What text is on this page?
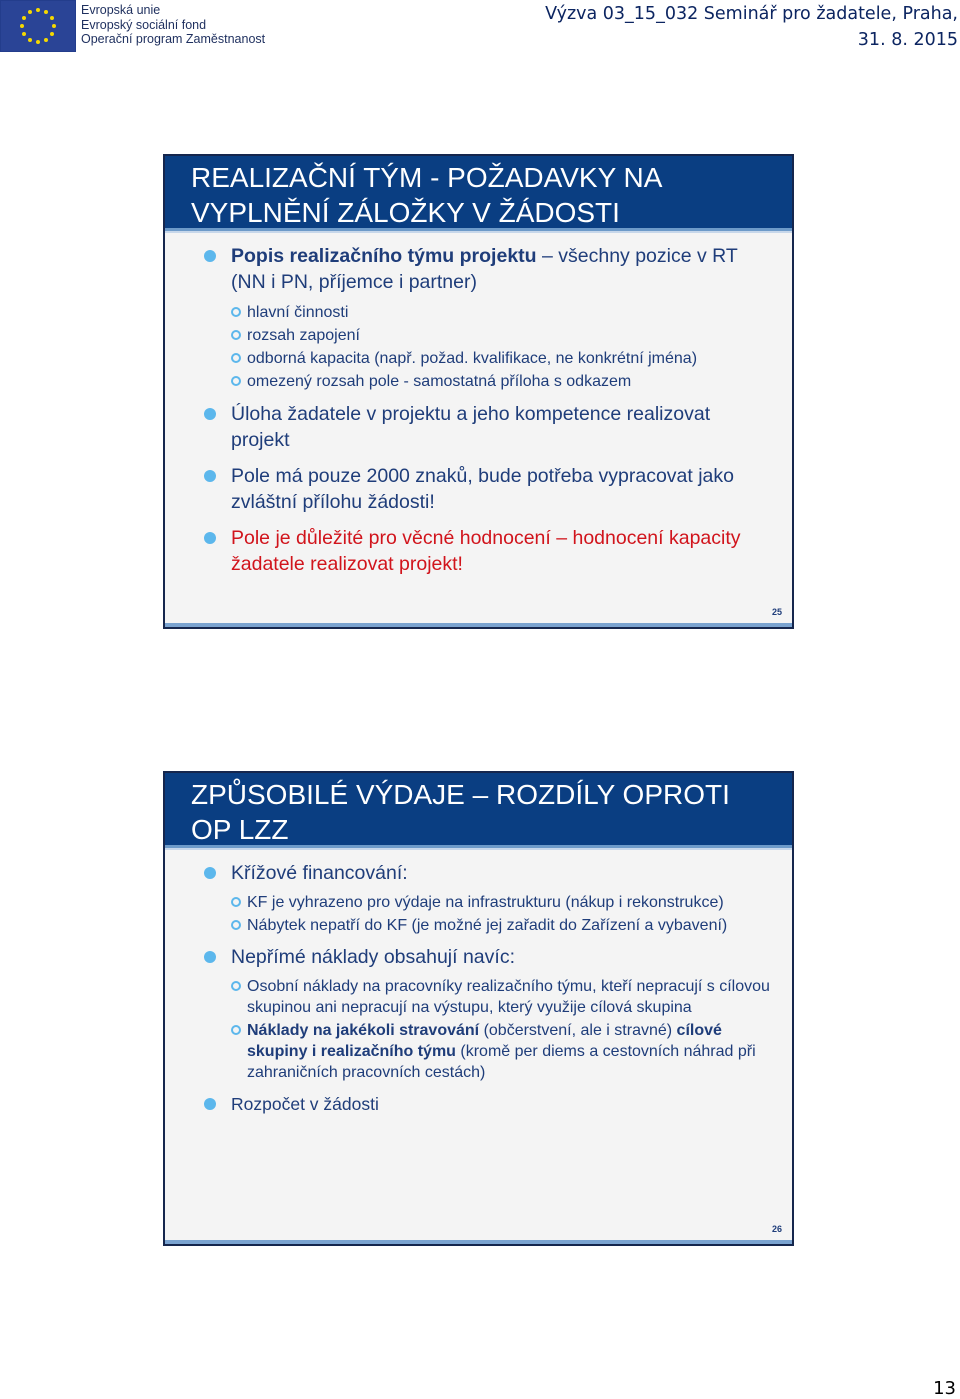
Evropská unie
Evropský sociální fond
Operační program Zaměstnanost
Výzva 03_15_032 Seminář pro žadatele, Praha,
31. 8. 2015
REALIZAČNÍ TÝM - POŽADAVKY NA
VYPLNĚNÍ ZÁLOŽKY V ŽÁDOSTI
Popis realizačního týmu projektu – všechny pozice v RT (NN i PN, příjemce i partner)
hlavní činnosti
rozsah zapojení
odborná kapacita (např. požad. kvalifikace, ne konkrétní jména)
omezený rozsah pole - samostatná příloha s odkazem
Úloha žadatele v projektu a jeho kompetence realizovat projekt
Pole má pouze 2000 znaků, bude potřeba vypracovat jako zvláštní přílohu žádosti!
Pole je důležité pro věcné hodnocení – hodnocení kapacity žadatele realizovat projekt!
25
ZPŮSOBILÉ VÝDAJE – ROZDÍLY OPROTI
OP LZZ
Křížové financování:
KF je vyhrazeno pro výdaje na infrastrukturu (nákup i rekonstrukce)
Nábytek nepatří do KF (je možné jej zařadit do Zařízení a vybavení)
Nepřímé náklady obsahují navíc:
Osobní náklady na pracovníky realizačního týmu, kteří nepracují s cílovou skupinou ani nepracují na výstupu, který využije cílová skupina
Náklady na jakékoli stravování (občerstvení, ale i stravné) cílové skupiny i realizačního týmu (kromě per diems a cestovních náhrad při zahraničních pracovních cestách)
Rozpočet v žádosti
26
13
